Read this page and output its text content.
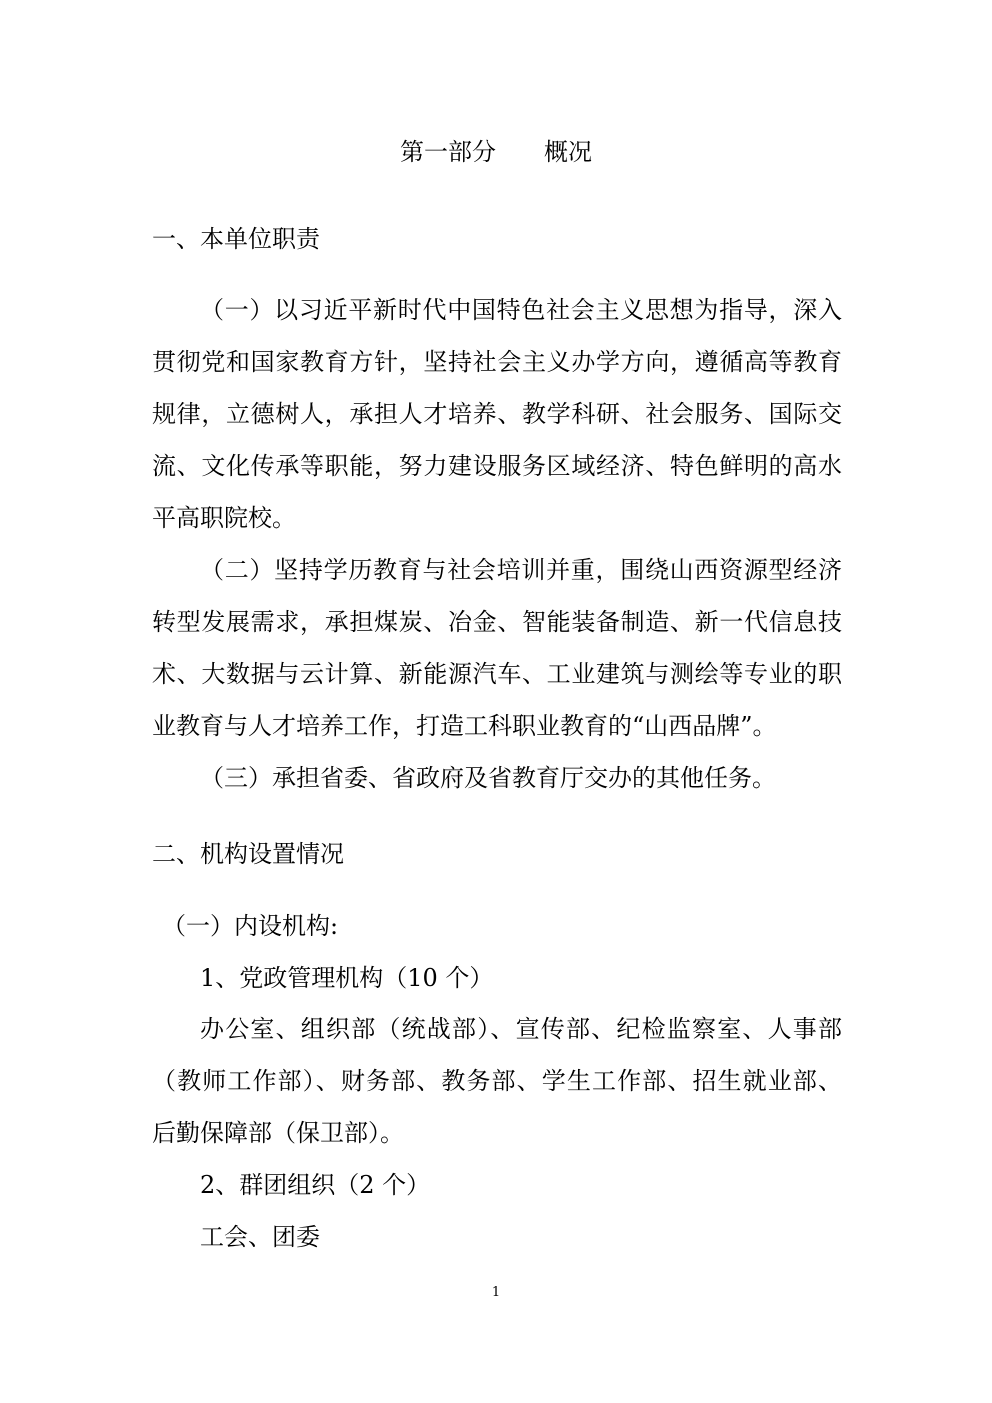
第一部分　　概况
一、本单位职责
（一）以习近平新时代中国特色社会主义思想为指导，深入
贯彻党和国家教育方针，坚持社会主义办学方向，遵循高等教育
规律，立德树人，承担人才培养、教学科研、社会服务、国际交
流、文化传承等职能，努力建设服务区域经济、特色鲜明的高水
平高职院校。
（二）坚持学历教育与社会培训并重，围绕山西资源型经济
转型发展需求，承担煤炭、冶金、智能装备制造、新一代信息技
术、大数据与云计算、新能源汽车、工业建筑与测绘等专业的职
业教育与人才培养工作，打造工科职业教育的“山西品牌”。
（三）承担省委、省政府及省教育厅交办的其他任务。
二、机构设置情况
（一）内设机构:
1、党政管理机构（10 个）
办公室、组织部（统战部）、宣传部、纪检监察室、人事部
（教师工作部）、财务部、教务部、学生工作部、招生就业部、
后勤保障部（保卫部）。
2、群团组织（2 个）
工会、团委
1
